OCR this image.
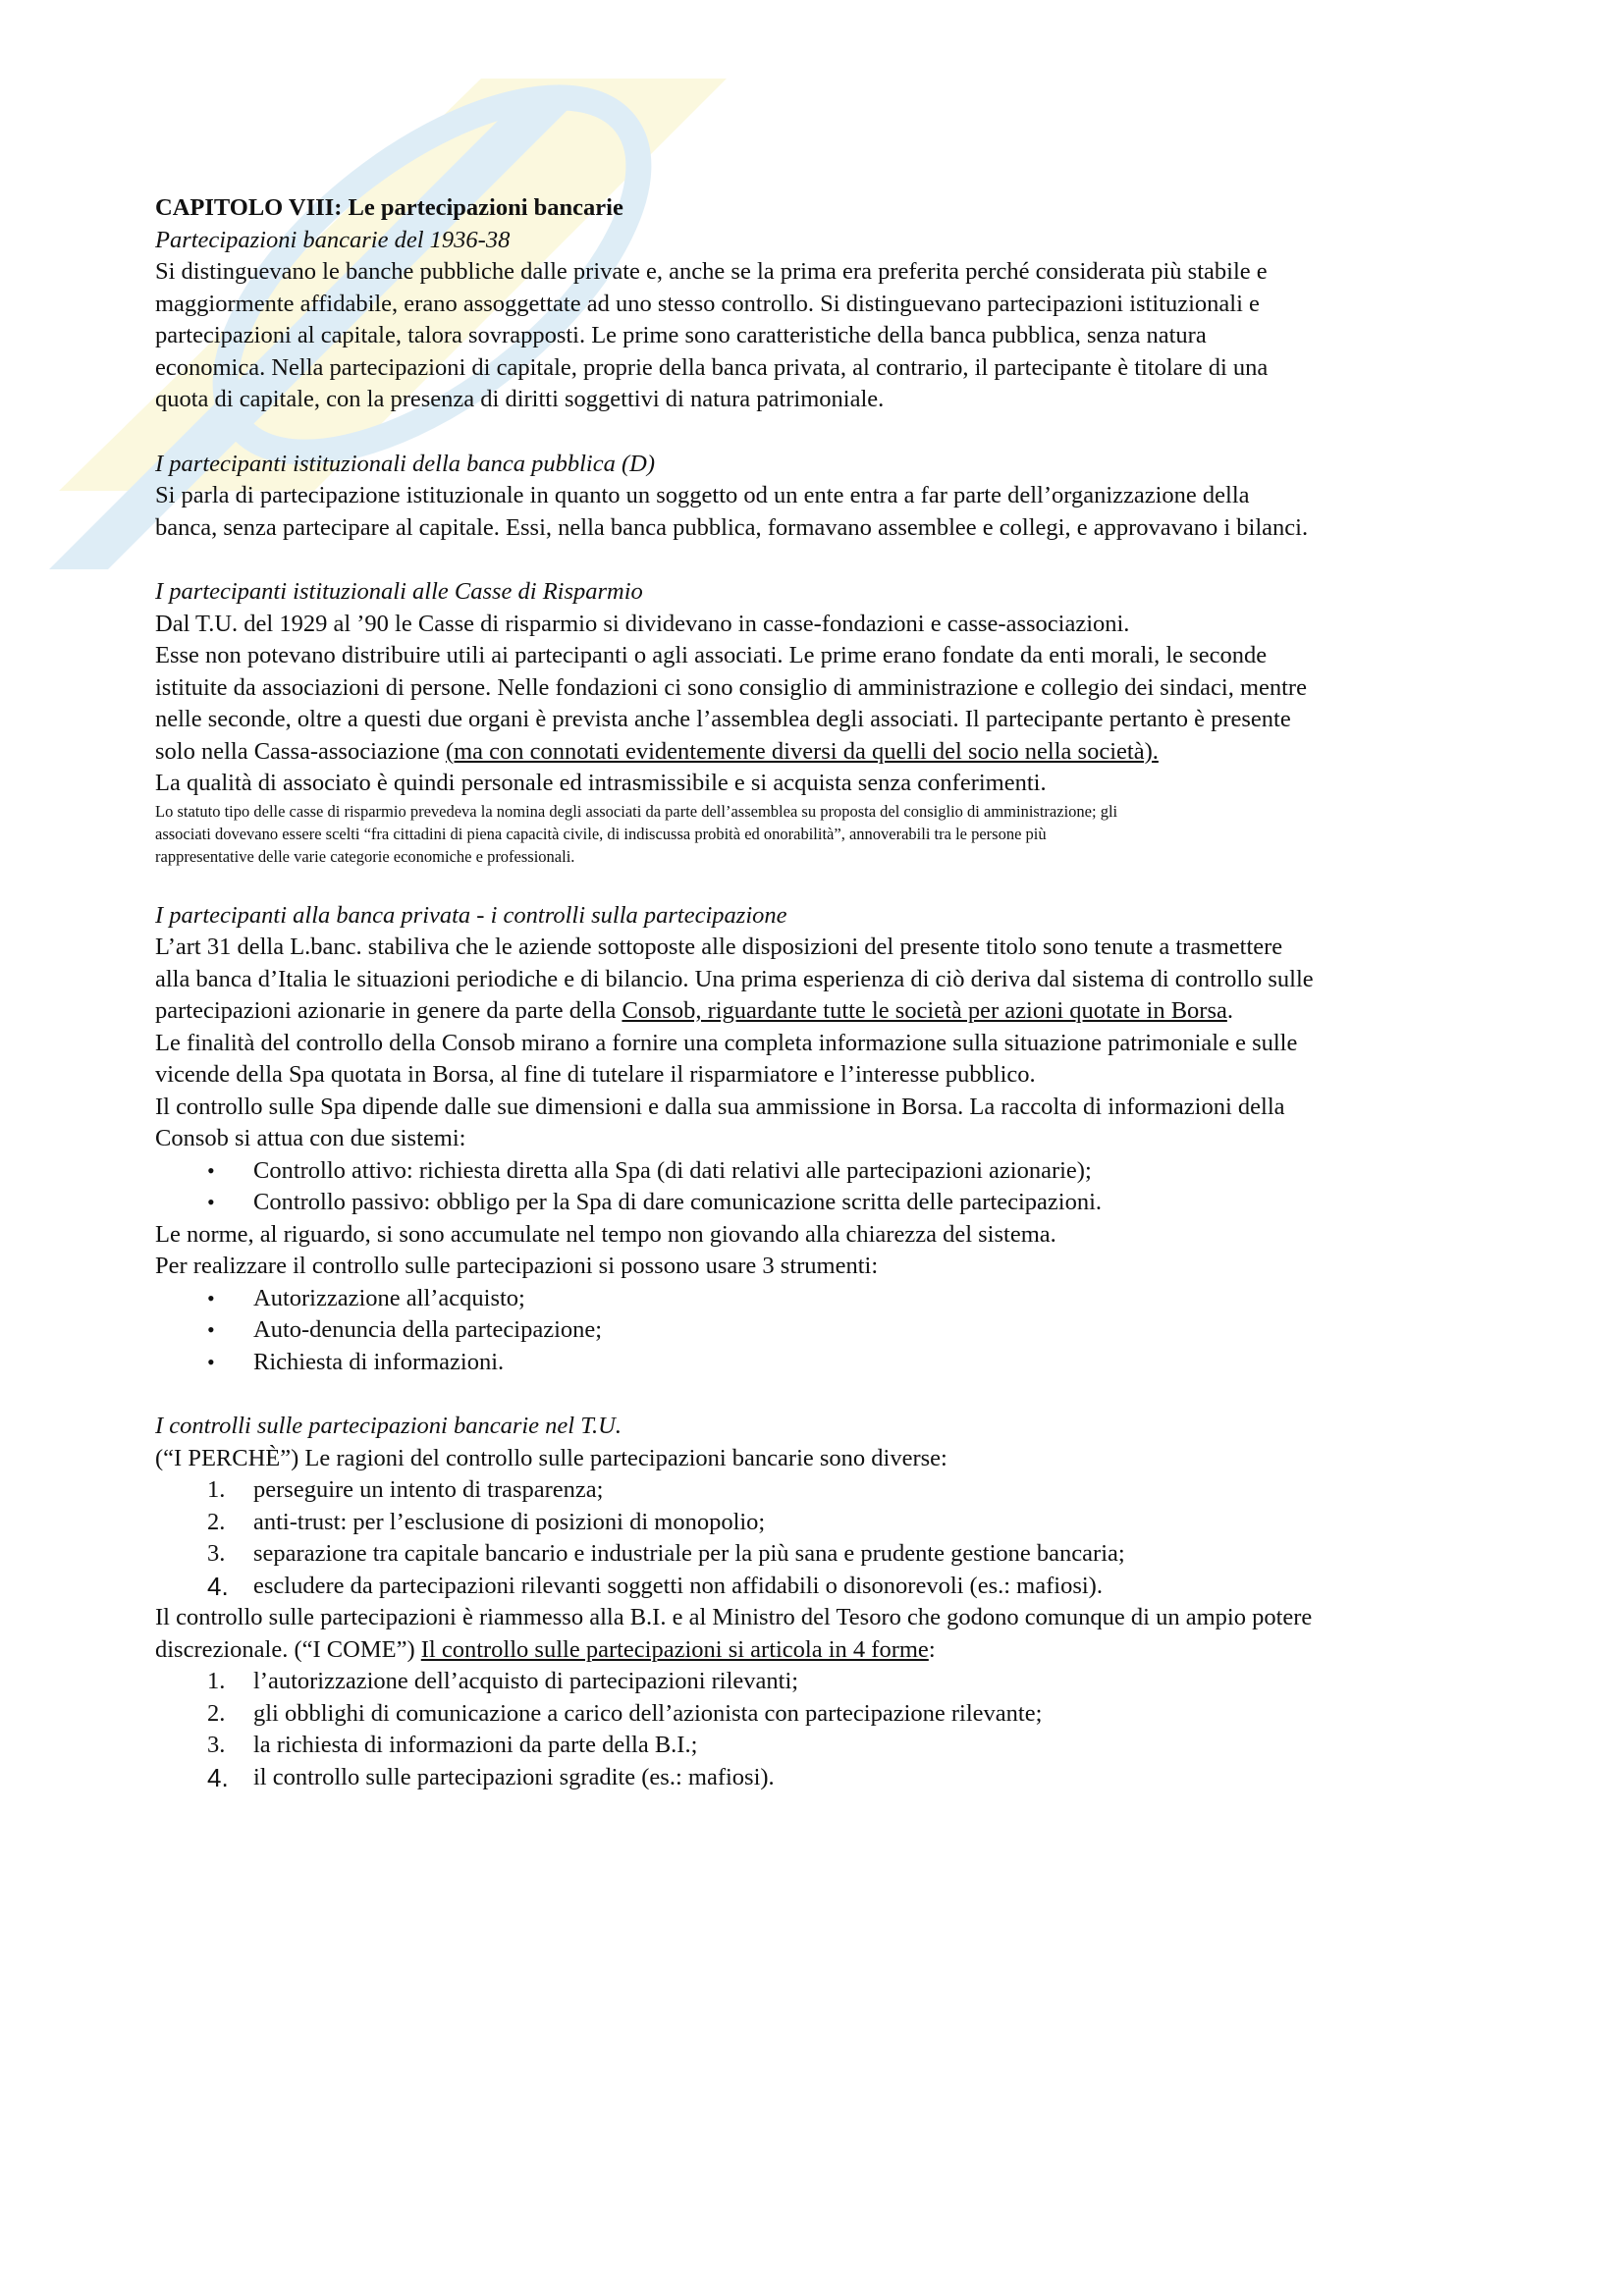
CAPITOLO VIII: Le partecipazioni bancarie

Partecipazioni bancarie del 1936-38

Si distinguevano le banche pubbliche dalle private e, anche se la prima era preferita perché considerata più stabile e

maggiormente affidabile, erano assoggettate ad uno stesso controllo. Si distinguevano partecipazioni istituzionali e

partecipazioni al capitale, talora sovrapposti. Le prime sono caratteristiche della banca pubblica, senza natura

economica. Nella partecipazioni di capitale, proprie della banca privata, al contrario, il partecipante è titolare di una

quota di capitale, con la presenza di diritti soggettivi di natura patrimoniale.

I partecipanti istituzionali della banca pubblica (D)

Si parla di partecipazione istituzionale in quanto un soggetto od un ente entra a far parte dell’organizzazione della

banca, senza partecipare al capitale. Essi, nella banca pubblica, formavano assemblee e collegi, e approvavano i bilanci.

I partecipanti istituzionali alle Casse di Risparmio

Dal T.U. del 1929 al ’90 le Casse di risparmio si dividevano in casse-fondazioni e casse-associazioni.

Esse non potevano distribuire utili ai partecipanti o agli associati. Le prime erano fondate da enti morali, le seconde

istituite da associazioni di persone. Nelle fondazioni ci sono consiglio di amministrazione e collegio dei sindaci, mentre

nelle seconde, oltre a questi due organi è prevista anche l’assemblea degli associati. Il partecipante pertanto è presente

solo nella Cassa-associazione (ma con connotati evidentemente diversi da quelli del socio nella società).

La qualità di associato è quindi personale ed intrasmissibile e si acquista senza conferimenti.

Lo statuto tipo delle casse di risparmio prevedeva la nomina degli associati da parte dell’assemblea su proposta del consiglio di amministrazione; gli

associati dovevano essere scelti “fra cittadini di piena capacità civile, di indiscussa probità ed onorabilità”, annoverabili tra le persone più

rappresentative delle varie categorie economiche e professionali.

I partecipanti alla banca privata - i controlli sulla partecipazione

L’art 31 della L.banc. stabiliva che le aziende sottoposte alle disposizioni del presente titolo sono tenute a trasmettere

alla banca d’Italia le situazioni periodiche e di bilancio. Una prima esperienza di ciò deriva dal sistema di controllo sulle

partecipazioni azionarie in genere da parte della Consob, riguardante tutte le società per azioni quotate in Borsa.

Le finalità del controllo della Consob mirano a fornire una completa informazione sulla situazione patrimoniale e sulle

vicende della Spa quotata in Borsa, al fine di tutelare il risparmiatore e l’interesse pubblico.

Il controllo sulle Spa dipende dalle sue dimensioni e dalla sua ammissione in Borsa. La raccolta di informazioni della

Consob si attua con due sistemi:

• Controllo attivo: richiesta diretta alla Spa (di dati relativi alle partecipazioni azionarie);
• Controllo passivo: obbligo per la Spa di dare comunicazione scritta delle partecipazioni.

Le norme, al riguardo, si sono accumulate nel tempo non giovando alla chiarezza del sistema.

Per realizzare il controllo sulle partecipazioni si possono usare 3 strumenti:

• Autorizzazione all’acquisto;
• Auto-denuncia della partecipazione;
• Richiesta di informazioni.

I controlli sulle partecipazioni bancarie nel T.U.

(“I PERCHÈ”) Le ragioni del controllo sulle partecipazioni bancarie sono diverse:

1. perseguire un intento di trasparenza;
2. anti-trust: per l’esclusione di posizioni di monopolio;
3. separazione tra capitale bancario e industriale per la più sana e prudente gestione bancaria;
4. escludere da partecipazioni rilevanti soggetti non affidabili o disonorevoli (es.: mafiosi).

Il controllo sulle partecipazioni è riammesso alla B.I. e al Ministro del Tesoro che godono comunque di un ampio potere

discrezionale. (“I COME”) Il controllo sulle partecipazioni si articola in 4 forme:

1. l’autorizzazione dell’acquisto di partecipazioni rilevanti;
2. gli obblighi di comunicazione a carico dell’azionista con partecipazione rilevante;
3. la richiesta di informazioni da parte della B.I.;
4. il controllo sulle partecipazioni sgradite (es.: mafiosi).
